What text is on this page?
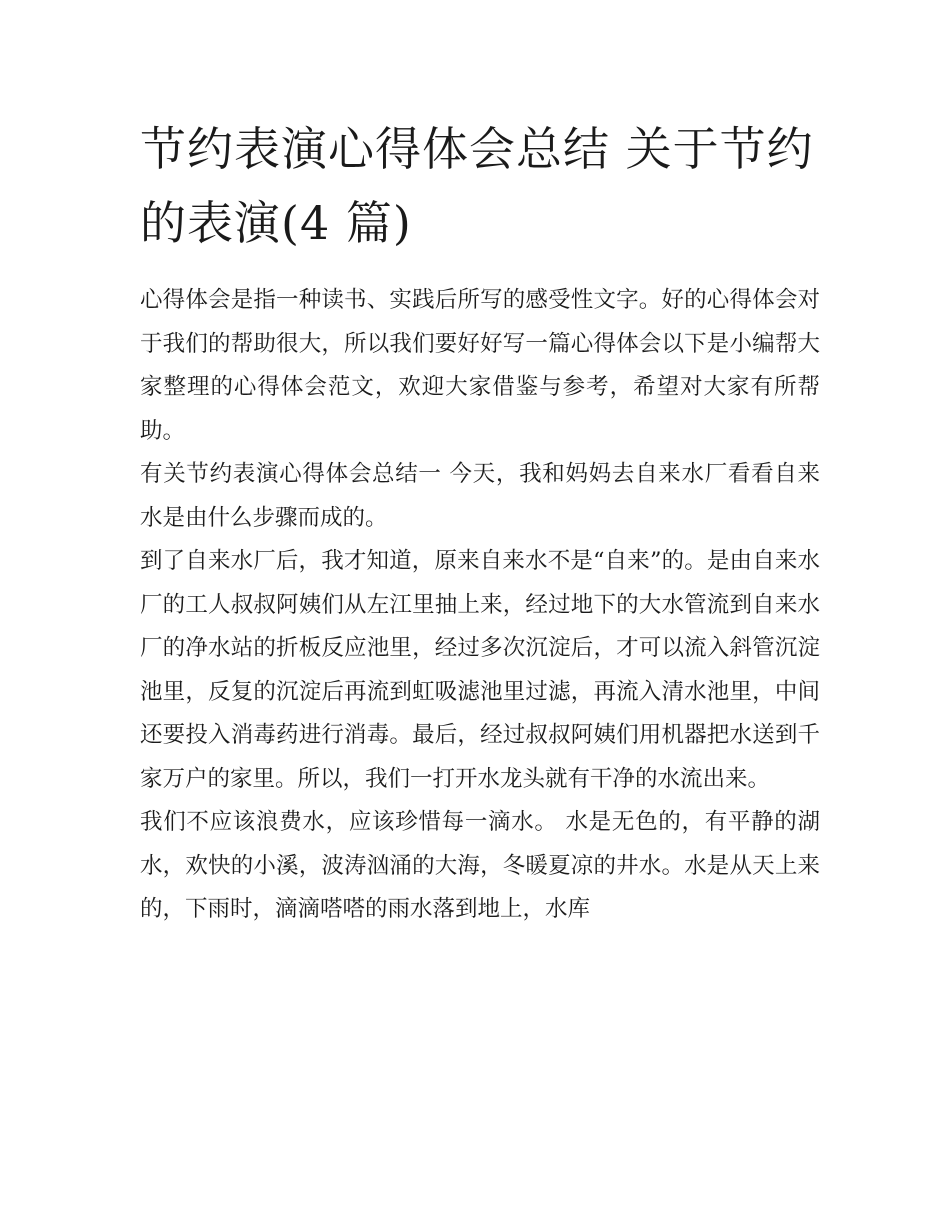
节约表演心得体会总结 关于节约的表演(4 篇)

心得体会是指一种读书、实践后所写的感受性文字。好的心得体会对于我们的帮助很大，所以我们要好好写一篇心得体会以下是小编帮大家整理的心得体会范文，欢迎大家借鉴与参考，希望对大家有所帮助。

有关节约表演心得体会总结一 今天，我和妈妈去自来水厂看看自来水是由什么步骤而成的。

到了自来水厂后，我才知道，原来自来水不是“自来”的。是由自来水厂的工人叔叔阿姨们从左江里抽上来，经过地下的大水管流到自来水厂的净水站的折板反应池里，经过多次沉淀后，才可以流入斜管沉淀池里，反复的沉淀后再流到虹吸滤池里过滤，再流入清水池里，中间还要投入消毒药进行消毒。最后，经过叔叔阿姨们用机器把水送到千家万户的家里。所以，我们一打开水龙头就有干净的水流出来。

我们不应该浪费水，应该珍惜每一滴水。 水是无色的，有平静的湖水，欢快的小溪，波涛汹涌的大海，冬暖夏凉的井水。水是从天上来的，下雨时，滴滴嗒嗒的雨水落到地上，水库
